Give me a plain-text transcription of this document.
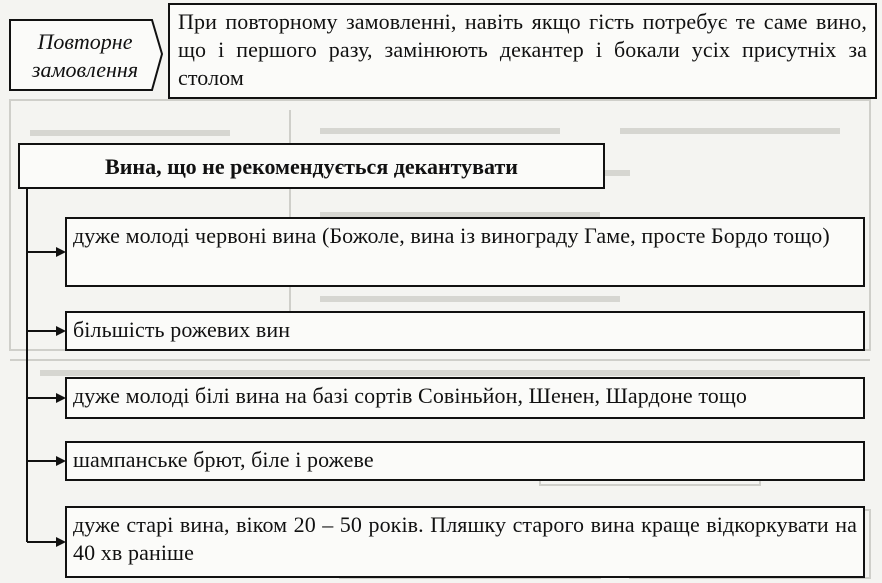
Повторне замовлення
При повторному замовленні, навіть якщо гість потребує те саме вино, що і першого разу, замінюють декантер і бокали усіх присутніх за столом
Вина, що не рекомендується декантувати
дуже молоді червоні вина (Божоле, вина із винограду Гаме, просте Бордо тощо)
більшість рожевих вин
дуже молоді білі вина на базі сортів Совіньйон, Шенен, Шардоне тощо
шампанське брют, біле і рожеве
дуже старі вина, віком 20 – 50 років. Пляшку старого вина краще відкоркувати на 40 хв раніше
